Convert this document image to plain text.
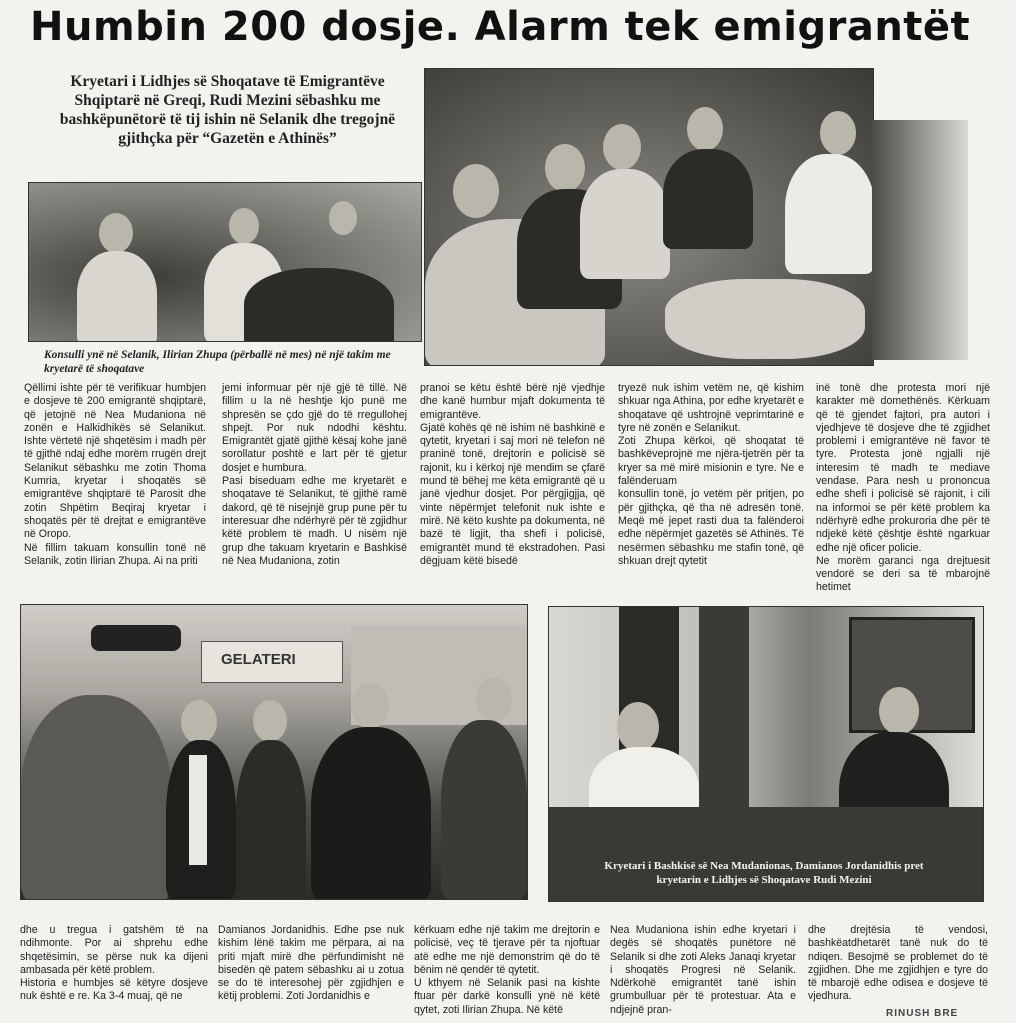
Humbin 200 dosje. Alarm tek emigrantët
Kryetari i Lidhjes së Shoqatave të Emigrantëve Shqiptarë në Greqi, Rudi Mezini sëbashku me bashkëpunëtorë të tij ishin në Selanik dhe tregojnë gjithçka për “Gazetën e Athinës”
Konsulli ynë në Selanik, Ilirian Zhupa (përballë në mes) në një takim me kryetarë të shoqatave

Qëllimi ishte për të verifikuar humbjen e dosjeve të 200 emigrantë shqiptarë, që jetojnë në Nea Mudaniona në zonën e Halkidhikës së Selanikut. Ishte vërtetë një shqetësim i madh për të gjithë ndaj edhe morëm rrugën drejt Selanikut sëbashku me zotin Thoma Kumria, kryetar i shoqatës së emigrantëve shqiptarë të Parosit dhe zotin Shpëtim Beqiraj kryetar i shoqatës për të drejtat e emigrantëve në Oropo.

Në fillim takuam konsullin tonë në Selanik, zotin Ilirian Zhupa. Ai na priti

jemi informuar për një gjë të tillë. Në fillim u la në heshtje kjo punë me shpresën se çdo gjë do të rregullohej shpejt. Por nuk ndodhi kështu. Emigrantët gjatë gjithë kësaj kohe janë sorollatur poshtë e lart për të gjetur dosjet e humbura.

Pasi biseduam edhe me kryetarët e shoqatave të Selanikut, të gjithë ramë dakord, që të nisejnjë grup pune për tu interesuar dhe ndërhyrë për të zgjidhur këtë problem të madh. U nisëm një grup dhe takuam kryetarin e Bashkisë në Nea Mudaniona, zotin

pranoi se këtu është bërë një vjedhje dhe kanë humbur mjaft dokumenta të emigrantëve.

Gjatë kohës që në ishim në bashkinë e qytetit, kryetari i saj mori në telefon në praninë tonë, drejtorin e policisë së rajonit, ku i kërkoj një mendim se çfarë mund të bëhej me këta emigrantë që u janë vjedhur dosjet. Por përgjigjja, që vinte nëpërmjet telefonit nuk ishte e mirë. Në këto kushte pa dokumenta, në bazë të ligjit, tha shefi i policisë, emigrantët mund të ekstradohen. Pasi dëgjuam këtë bisedë

tryezë nuk ishim vetëm ne, që kishim shkuar nga Athina, por edhe kryetarët e shoqatave që ushtrojnë veprimtarinë e tyre në zonën e Selanikut.

Zoti Zhupa kërkoi, që shoqatat të bashkëveprojnë me njëra-tjetrën për ta kryer sa më mirë misionin e tyre. Ne e falënderuam

konsullin tonë, jo vetëm për pritjen, po për gjithçka, që tha në adresën tonë. Meqë më jepet rasti dua ta falënderoi edhe nëpërmjet gazetës së Athinës. Të nesërmen sëbashku me stafin tonë, që shkuan drejt qytetit

inë tonë dhe protesta mori një karakter më domethënës. Kërkuam që të gjendet fajtori, pra autori i vjedhjeve të dosjeve dhe të zgjidhet problemi i emigrantëve në favor të tyre. Protesta jonë ngjalli një interesim të madh te mediave vendase. Para nesh u prononcua edhe shefi i policisë së rajonit, i cili na informoi se për këtë problem ka ndërhyrë edhe prokuroria dhe për të ndjekë këtë çështje është ngarkuar edhe një oficer policie.

Ne morëm garanci nga drejtuesit vendorë se deri sa të mbarojnë hetimet

GELATERI
Kryetari i Bashkisë së Nea Mudanionas, Damianos Jordanidhis pret kryetarin e Lidhjes së Shoqatave Rudi Mezini

dhe u tregua i gatshëm të na ndihmonte. Por ai shprehu edhe shqetësimin, se përse nuk ka dijeni ambasada për këtë problem.

Historia e humbjes së këtyre dosjeve nuk është e re. Ka 3-4 muaj, që ne

Damianos Jordanidhis. Edhe pse nuk kishim lënë takim me përpara, ai na priti mjaft mirë dhe përfundimisht në bisedën që patem sëbashku ai u zotua se do të interesohej për zgjidhjen e këtij problemi. Zoti Jordanidhis e

kërkuam edhe një takim me drejtorin e policisë, veç të tjerave për ta njoftuar atë edhe me një demonstrim që do të bënim në qendër të qytetit.

U kthyem në Selanik pasi na kishte ftuar për darkë konsulli ynë në këtë qytet, zoti Ilirian Zhupa. Në këtë

Nea Mudaniona ishin edhe kryetari i degës së shoqatës punëtore në Selanik si dhe zoti Aleks Janaqi kryetar i shoqatës Progresi në Selanik. Ndërkohë emigrantët tanë ishin grumbulluar për të protestuar. Ata e ndjejnë pran-

dhe drejtësia të vendosi, bashkëatdhetarët tanë nuk do të ndiqen. Besojmë se problemet do të zgjidhen. Dhe me zgjidhjen e tyre do të mbarojë edhe odisea e dosjeve të vjedhura.

RINUSH BRE
